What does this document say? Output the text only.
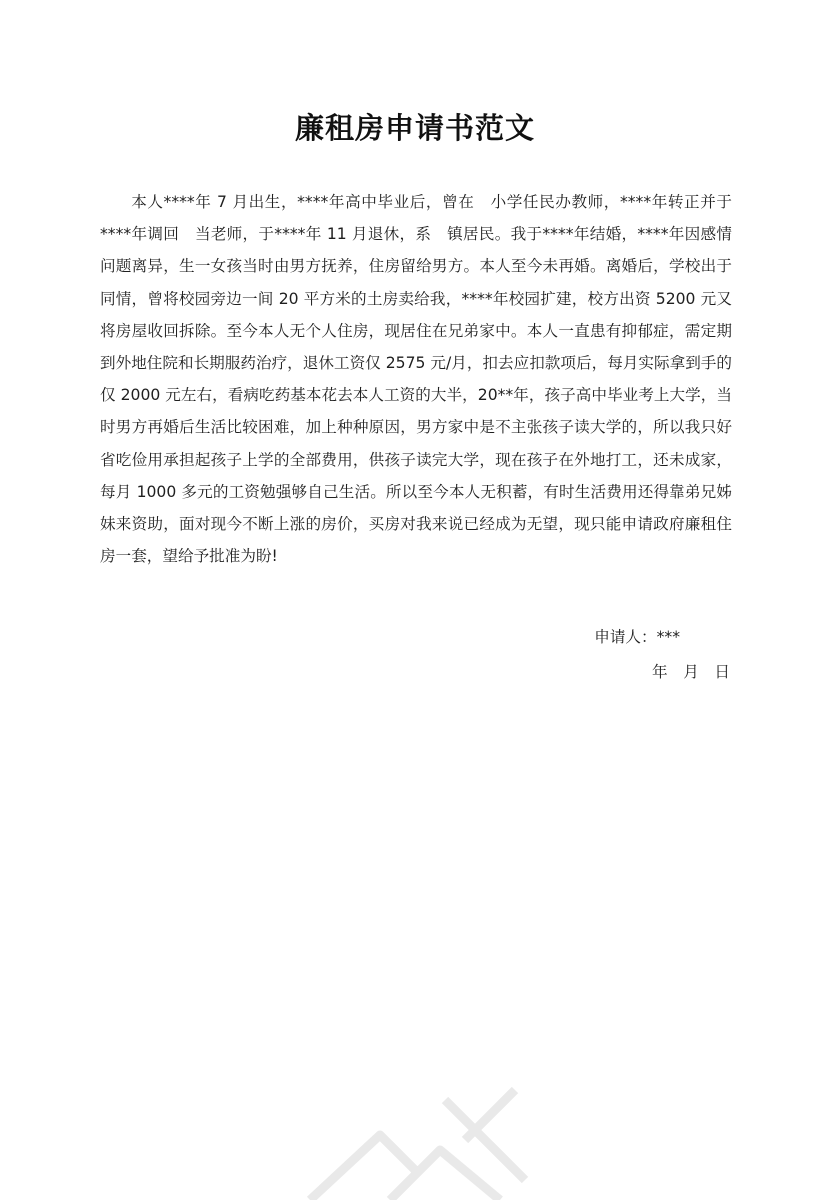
廉租房申请书范文

本人****年 7 月出生，****年高中毕业后，曾在　小学任民办教师，****年转正并于****年调回　当老师，于****年 11 月退休，系　镇居民。我于****年结婚，****年因感情问题离异，生一女孩当时由男方抚养，住房留给男方。本人至今未再婚。离婚后，学校出于同情，曾将校园旁边一间 20 平方米的土房卖给我，****年校园扩建，校方出资 5200 元又将房屋收回拆除。至今本人无个人住房，现居住在兄弟家中。本人一直患有抑郁症，需定期到外地住院和长期服药治疗，退休工资仅 2575 元/月，扣去应扣款项后，每月实际拿到手的仅 2000 元左右，看病吃药基本花去本人工资的大半，20**年，孩子高中毕业考上大学，当时男方再婚后生活比较困难，加上种种原因，男方家中是不主张孩子读大学的，所以我只好省吃俭用承担起孩子上学的全部费用，供孩子读完大学，现在孩子在外地打工，还未成家，每月 1000 多元的工资勉强够自己生活。所以至今本人无积蓄，有时生活费用还得靠弟兄姊妹来资助，面对现今不断上涨的房价，买房对我来说已经成为无望，现只能申请政府廉租住房一套，望给予批准为盼!

申请人：***
年　月　日
